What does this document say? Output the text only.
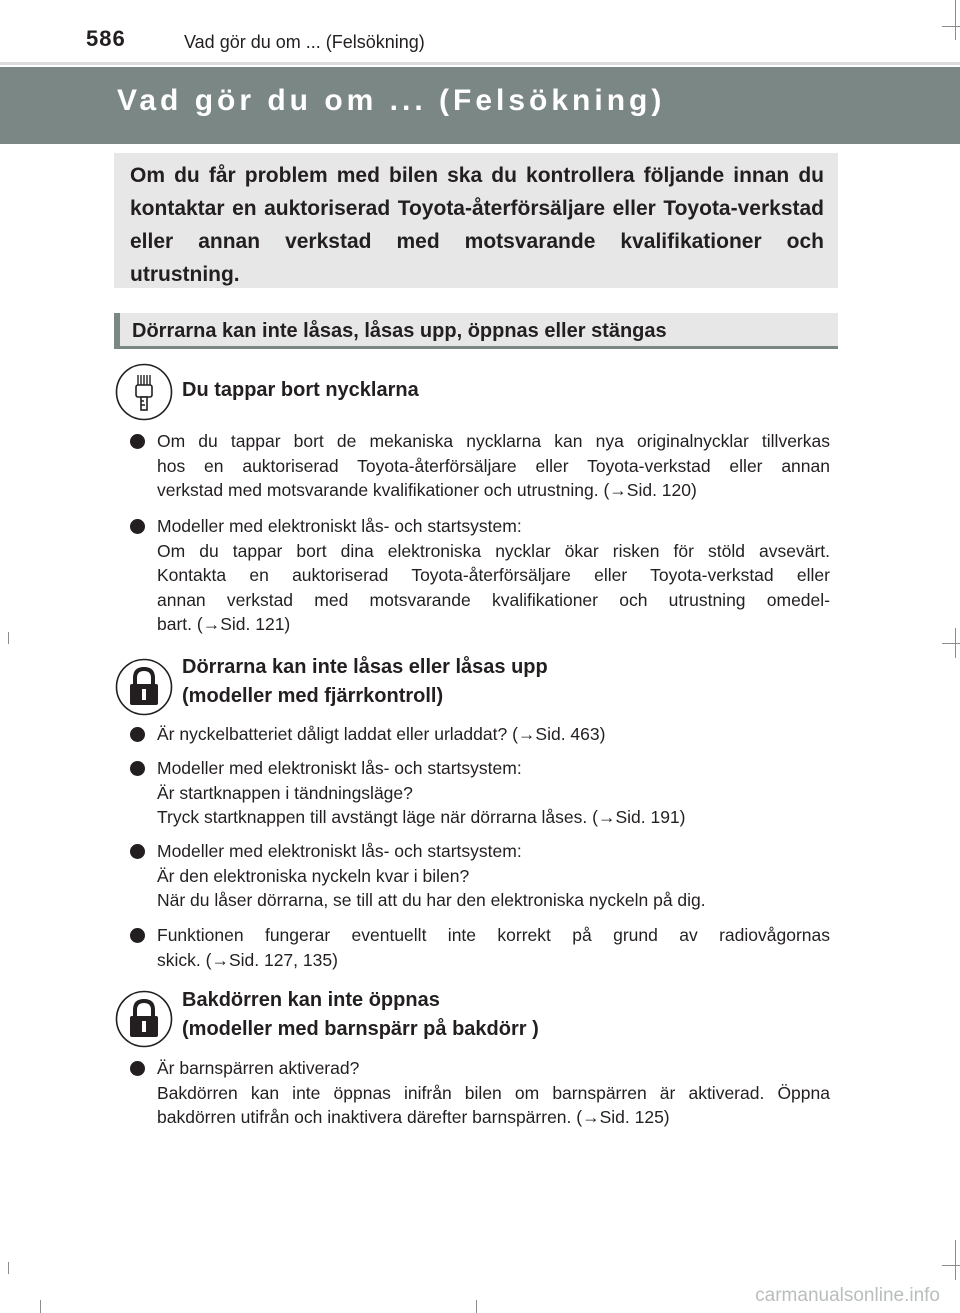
586	Vad gör du om ... (Felsökning)
Vad gör du om ... (Felsökning)

Om du får problem med bilen ska du kontrollera följande innan du kontaktar en auktoriserad Toyota-återförsäljare eller Toyota-verkstad eller annan verkstad med motsvarande kvalifikationer och utrustning.

Dörrarna kan inte låsas, låsas upp, öppnas eller stängas
Du tappar bort nycklarna
Om du tappar bort de mekaniska nycklarna kan nya originalnycklar tillverkas
hos en auktoriserad Toyota-återförsäljare eller Toyota-verkstad eller annan
verkstad med motsvarande kvalifikationer och utrustning. (→Sid. 120)
Modeller med elektroniskt lås- och startsystem:
Om du tappar bort dina elektroniska nycklar ökar risken för stöld avsevärt.
Kontakta en auktoriserad Toyota-återförsäljare eller Toyota-verkstad eller
annan verkstad med motsvarande kvalifikationer och utrustning omedel-
bart. (→Sid. 121)
Dörrarna kan inte låsas eller låsas upp
(modeller med fjärrkontroll)
Är nyckelbatteriet dåligt laddat eller urladdat? (→Sid. 463)
Modeller med elektroniskt lås- och startsystem:
Är startknappen i tändningsläge?
Tryck startknappen till avstängt läge när dörrarna låses. (→Sid. 191)
Modeller med elektroniskt lås- och startsystem:
Är den elektroniska nyckeln kvar i bilen?
När du låser dörrarna, se till att du har den elektroniska nyckeln på dig.
Funktionen fungerar eventuellt inte korrekt på grund av radiovågornas
skick. (→Sid. 127, 135)
Bakdörren kan inte öppnas
(modeller med barnspärr på bakdörr )
Är barnspärren aktiverad?
Bakdörren kan inte öppnas inifrån bilen om barnspärren är aktiverad. Öppna
bakdörren utifrån och inaktivera därefter barnspärren. (→Sid. 125)
carmanualsonline.info
